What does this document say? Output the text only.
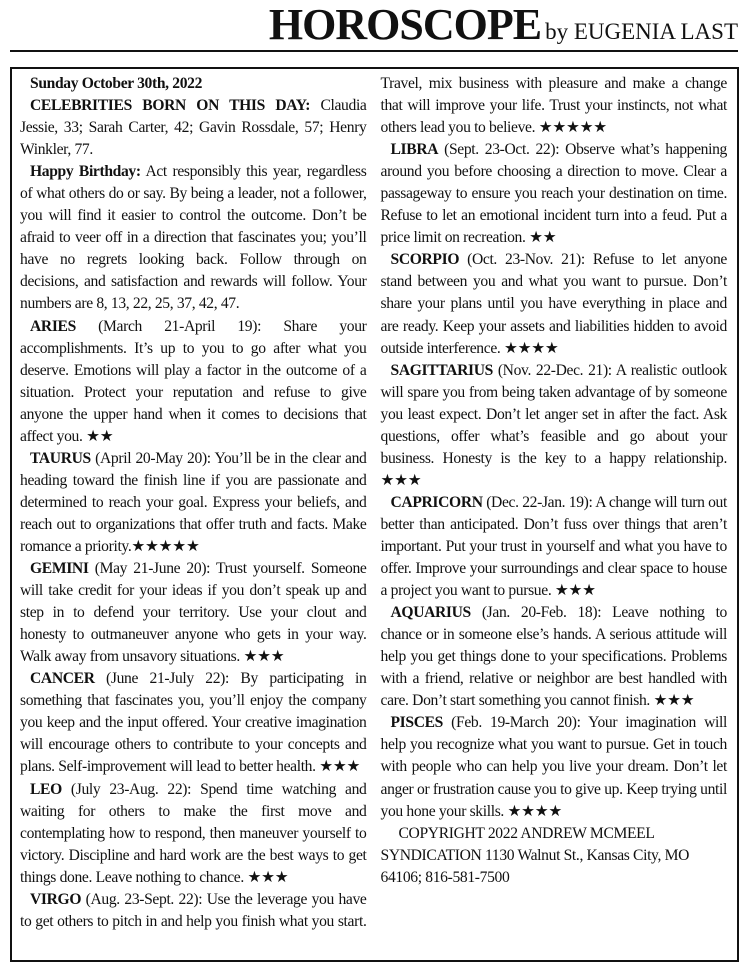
HOROSCOPE by EUGENIA LAST

Sunday October 30th, 2022

CELEBRITIES BORN ON THIS DAY: Claudia Jessie, 33; Sarah Carter, 42; Gavin Rossdale, 57; Henry Winkler, 77.

Happy Birthday: Act responsibly this year, regardless of what others do or say. By being a leader, not a follower, you will find it easier to control the outcome. Don’t be afraid to veer off in a direction that fascinates you; you’ll have no regrets looking back. Follow through on decisions, and satisfaction and rewards will follow. Your numbers are 8, 13, 22, 25, 37, 42, 47.

ARIES (March 21-April 19): Share your accomplishments. It’s up to you to go after what you deserve. Emotions will play a factor in the outcome of a situation. Protect your reputation and refuse to give anyone the upper hand when it comes to decisions that affect you. ★★

TAURUS (April 20-May 20): You’ll be in the clear and heading toward the finish line if you are passionate and determined to reach your goal. Express your beliefs, and reach out to organizations that offer truth and facts. Make romance a priority.★★★★★

GEMINI (May 21-June 20): Trust yourself. Someone will take credit for your ideas if you don’t speak up and step in to defend your territory. Use your clout and honesty to outmaneuver anyone who gets in your way. Walk away from unsavory situations. ★★★

CANCER (June 21-July 22): By participating in something that fascinates you, you’ll enjoy the company you keep and the input offered. Your creative imagination will encourage others to contribute to your concepts and plans. Self-improvement will lead to better health. ★★★

LEO (July 23-Aug. 22): Spend time watching and waiting for others to make the first move and contemplating how to respond, then maneuver yourself to victory. Discipline and hard work are the best ways to get things done. Leave nothing to chance. ★★★

VIRGO (Aug. 23-Sept. 22): Use the leverage you have to get others to pitch in and help you finish what you start. Travel, mix business with pleasure and make a change that will improve your life. Trust your instincts, not what others lead you to believe. ★★★★★

LIBRA (Sept. 23-Oct. 22): Observe what’s happening around you before choosing a direction to move. Clear a passageway to ensure you reach your destination on time. Refuse to let an emotional incident turn into a feud. Put a price limit on recreation. ★★

SCORPIO (Oct. 23-Nov. 21): Refuse to let anyone stand between you and what you want to pursue. Don’t share your plans until you have everything in place and are ready. Keep your assets and liabilities hidden to avoid outside interference. ★★★★

SAGITTARIUS (Nov. 22-Dec. 21): A realistic outlook will spare you from being taken advantage of by someone you least expect. Don’t let anger set in after the fact. Ask questions, offer what’s feasible and go about your business. Honesty is the key to a happy relationship. ★★★

CAPRICORN (Dec. 22-Jan. 19): A change will turn out better than anticipated. Don’t fuss over things that aren’t important. Put your trust in yourself and what you have to offer. Improve your surroundings and clear space to house a project you want to pursue. ★★★

AQUARIUS (Jan. 20-Feb. 18): Leave nothing to chance or in someone else’s hands. A serious attitude will help you get things done to your specifications. Problems with a friend, relative or neighbor are best handled with care. Don’t start something you cannot finish. ★★★

PISCES (Feb. 19-March 20): Your imagination will help you recognize what you want to pursue. Get in touch with people who can help you live your dream. Don’t let anger or frustration cause you to give up. Keep trying until you hone your skills. ★★★★

COPYRIGHT 2022 ANDREW MCMEEL SYNDICATION 1130 Walnut St., Kansas City, MO 64106; 816-581-7500
